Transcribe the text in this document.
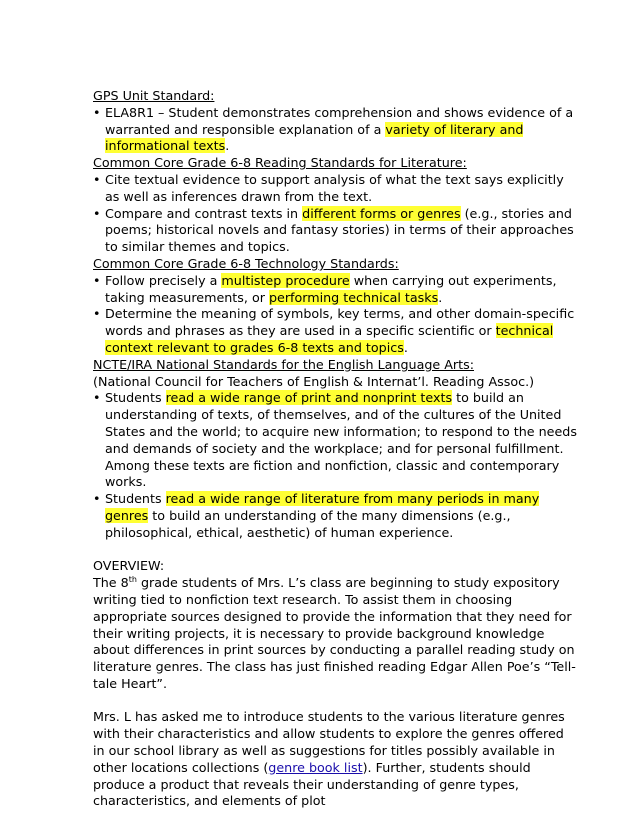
GPS Unit Standard:
• ELA8R1 – Student demonstrates comprehension and shows evidence of a warranted and responsible explanation of a variety of literary and informational texts.
Common Core Grade 6-8 Reading Standards for Literature:
• Cite textual evidence to support analysis of what the text says explicitly as well as inferences drawn from the text.
• Compare and contrast texts in different forms or genres (e.g., stories and poems; historical novels and fantasy stories) in terms of their approaches to similar themes and topics.
Common Core Grade 6-8 Technology Standards:
• Follow precisely a multistep procedure when carrying out experiments, taking measurements, or performing technical tasks.
• Determine the meaning of symbols, key terms, and other domain-specific words and phrases as they are used in a specific scientific or technical context relevant to grades 6-8 texts and topics.
NCTE/IRA National Standards for the English Language Arts:
(National Council for Teachers of English & Internat’l. Reading Assoc.)
• Students read a wide range of print and nonprint texts to build an understanding of texts, of themselves, and of the cultures of the United States and the world; to acquire new information; to respond to the needs and demands of society and the workplace; and for personal fulfillment. Among these texts are fiction and nonfiction, classic and contemporary works.
• Students read a wide range of literature from many periods in many genres to build an understanding of the many dimensions (e.g., philosophical, ethical, aesthetic) of human experience.
OVERVIEW:

The 8th grade students of Mrs. L’s class are beginning to study expository writing tied to nonfiction text research. To assist them in choosing appropriate sources designed to provide the information that they need for their writing projects, it is necessary to provide background knowledge about differences in print sources by conducting a parallel reading study on literature genres. The class has just finished reading Edgar Allen Poe’s “Tell-tale Heart”.

Mrs. L has asked me to introduce students to the various literature genres with their characteristics and allow students to explore the genres offered in our school library as well as suggestions for titles possibly available in other locations collections (genre book list). Further, students should produce a product that reveals their understanding of genre types, characteristics, and elements of plot
